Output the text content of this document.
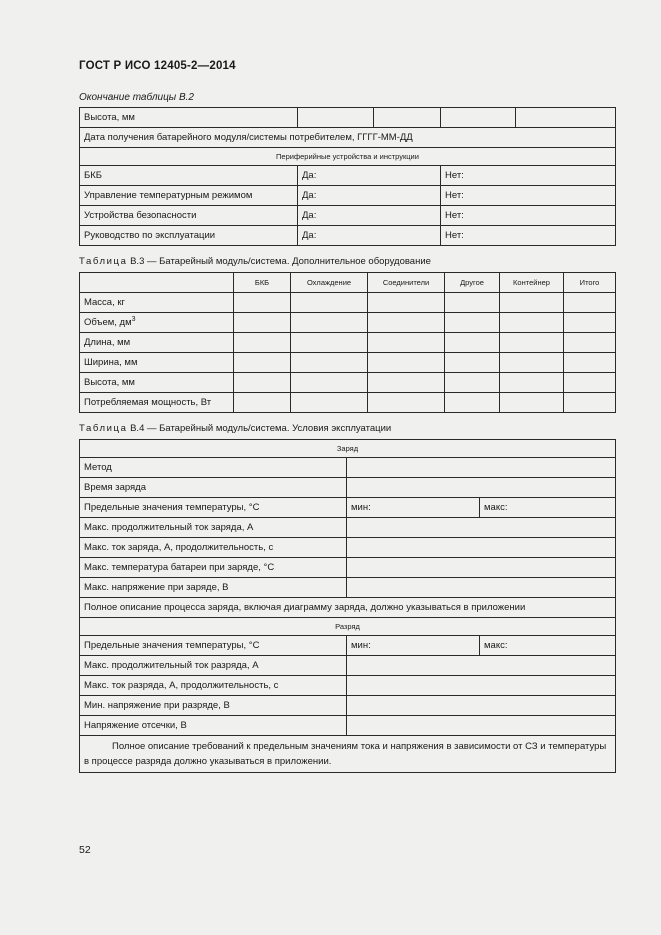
ГОСТ Р ИСО 12405-2—2014
Окончание таблицы В.2
Высота, мм				
Дата получения батарейного модуля/системы потребителем, ГГГГ-ММ-ДД				
Периферийные устройства и инструкции				
БКБ	Да:		Нет:	
Управление температурным режимом	Да:		Нет:	
Устройства безопасности	Да:		Нет:	
Руководство по эксплуатации	Да:		Нет:	
Таблица В.3 — Батарейный модуль/система. Дополнительное оборудование
	БКБ	Охлаждение	Соединители	Другое	Контейнер	Итого
Масса, кг						
Объем, $дм^3$						
Длина, мм						
Ширина, мм						
Высота, мм						
Потребляемая мощность, Вт						
Таблица В.4 — Батарейный модуль/система. Условия эксплуатации
Заряд		
Метод		
Время заряда		
Предельные значения температуры, °C	мин:	макс:
Макс. продолжительный ток заряда, А		
Макс. ток заряда, А, продолжительность, с		
Макс. температура батареи при заряде, °C		
Макс. напряжение при заряде, В		
Полное описание процесса заряда, включая диаграмму заряда, должно указываться в приложении		
Разряд		
Предельные значения температуры, °C	мин:	макс:
Макс. продолжительный ток разряда, А		
Макс. ток разряда, А, продолжительность, с		
Мин. напряжение при разряде, В		
Напряжение отсечки, В		
Полное описание требований к предельным значениям тока и напряжения в зависимости от СЗ и температуры в процессе разряда должно указываться в приложении.		
52
